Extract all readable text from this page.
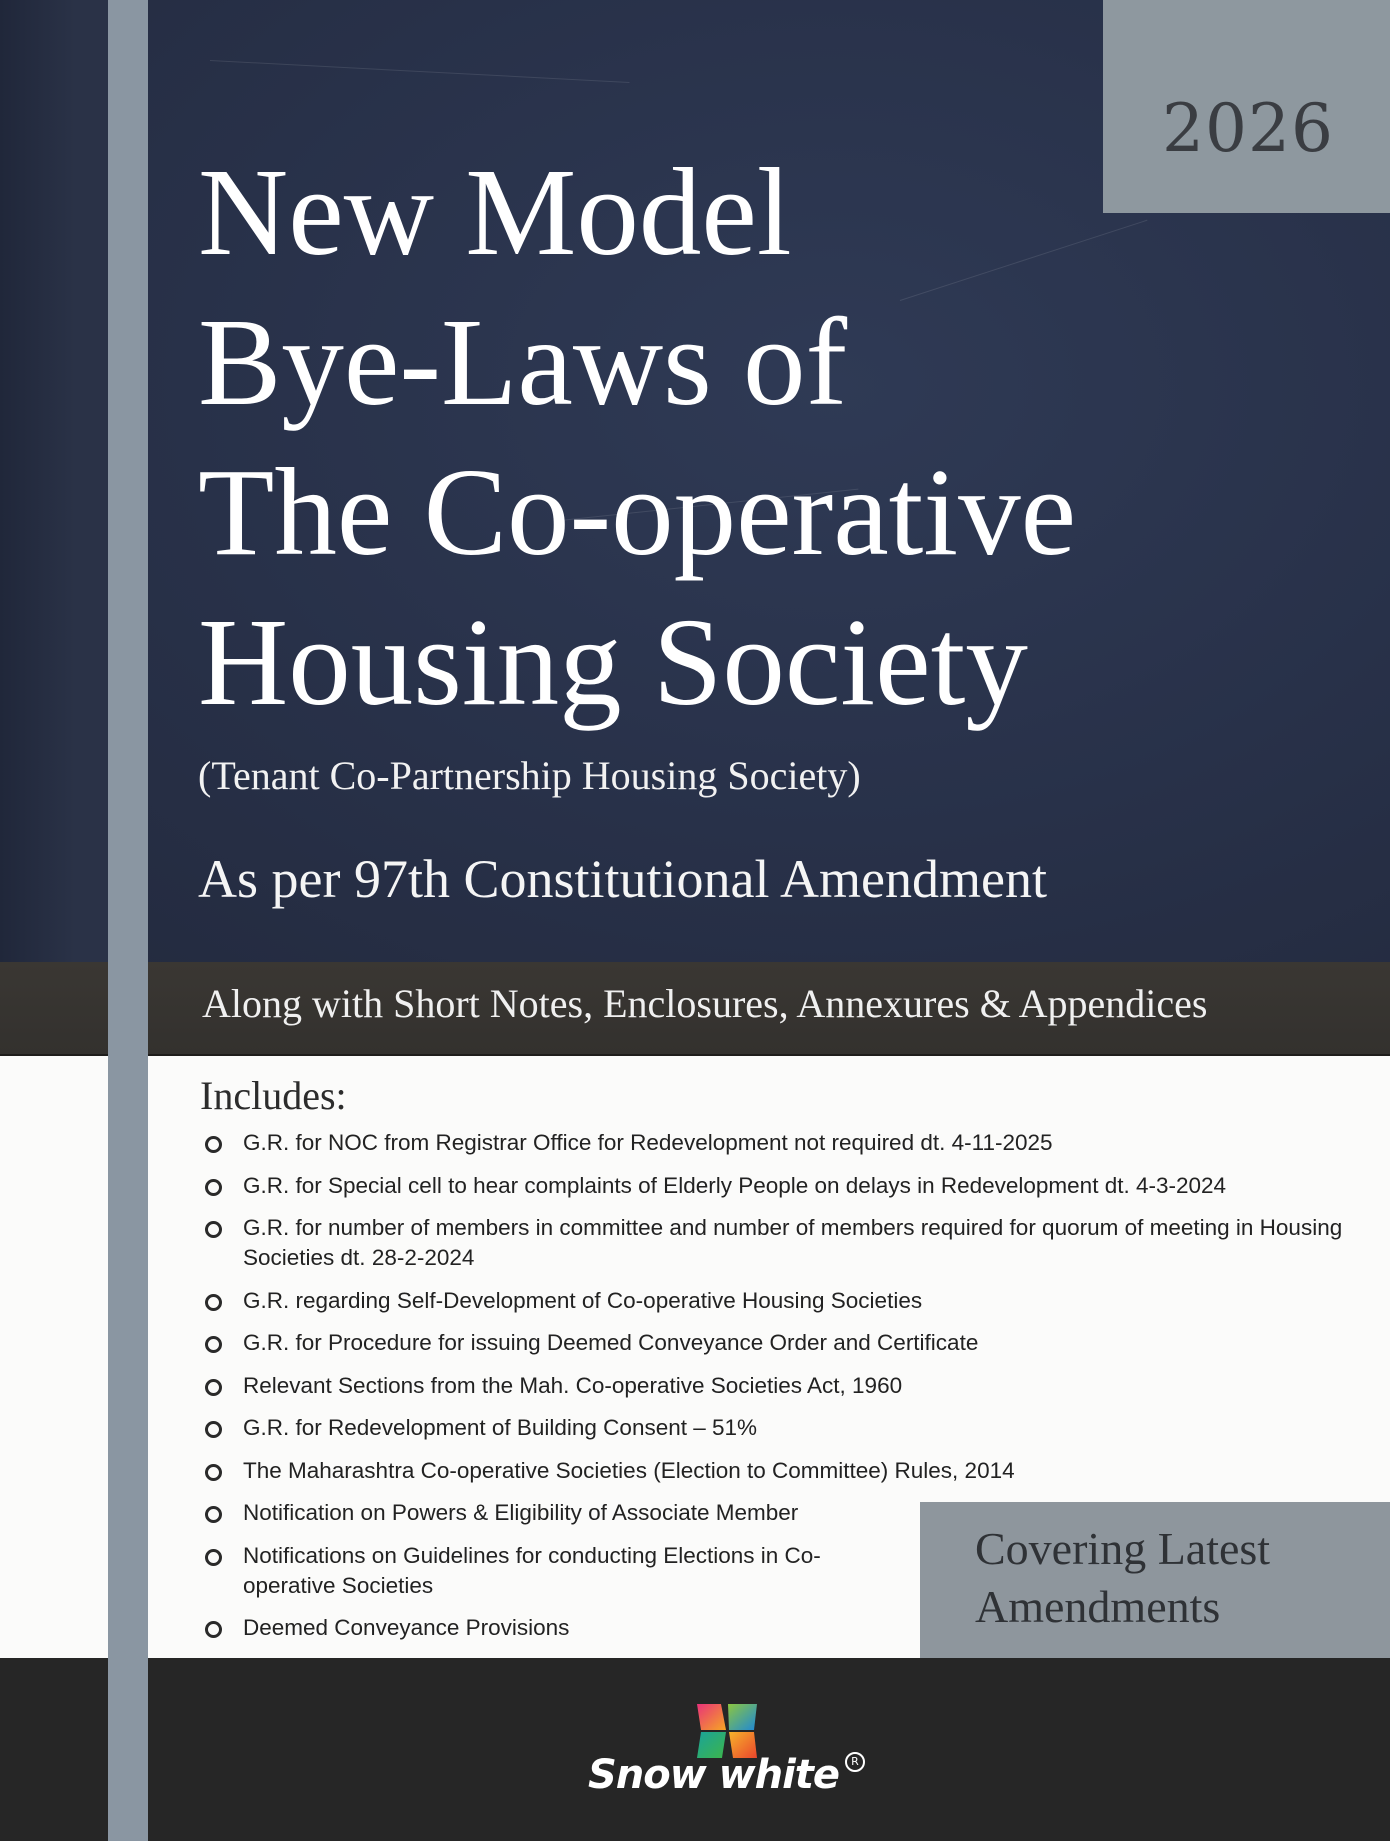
2026
New Model
Bye-Laws of
The Co-operative
Housing Society
(Tenant Co-Partnership Housing Society)
As per 97th Constitutional Amendment
Along with Short Notes, Enclosures, Annexures & Appendices
Includes:
G.R. for NOC from Registrar Office for Redevelopment not required dt. 4-11-2025
G.R. for Special cell to hear complaints of Elderly People on delays in Redevelopment dt. 4-3-2024
G.R. for number of members in committee and number of members required for quorum of meeting in Housing Societies dt. 28-2-2024
G.R. regarding Self-Development of Co-operative Housing Societies
G.R. for Procedure for issuing Deemed Conveyance Order and Certificate
Relevant Sections from the Mah. Co-operative Societies Act, 1960
G.R. for Redevelopment of Building Consent – 51%
The Maharashtra Co-operative Societies (Election to Committee) Rules, 2014
Notification on Powers & Eligibility of Associate Member
Notifications on Guidelines for conducting Elections in Co-operative Societies
Deemed Conveyance Provisions
Covering Latest
Amendments
Snow white	R
